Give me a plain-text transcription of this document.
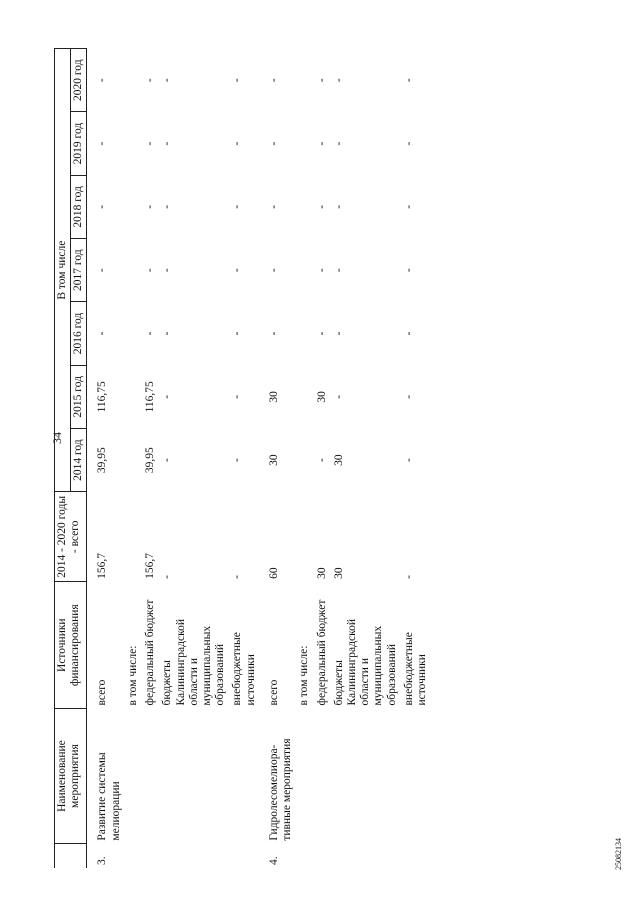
34
	Наименование мероприятия	Источники финансирования	2014 - 2020 годы - всего	В том числе						
				2014 год	2015 год	2016 год	2017 год	2018 год	2019 год	2020 год

3.	Развитие системы мелиорации	всего	156,7	39,95	116,75	-	-	-	-	-
		в том числе:								
		федеральный бюджет	156,7	39,95	116,75	-	-	-	-	-
		бюджеты Калининградской области и муниципальных образований	-	-	-	-	-	-	-	-
		внебюджетные источники	-	-	-	-	-	-	-	-

4.	Гидролесомелиора-тивные мероприятия	всего	60	30	30	-	-	-	-	-
		в том числе:								
		федеральный бюджет	30	-	30	-	-	-	-	-
		бюджеты Калининградской области и муниципальных образований	30	30	-	-	-	-	-	-
		внебюджетные источники	-	-	-	-	-	-	-	-
25082134
